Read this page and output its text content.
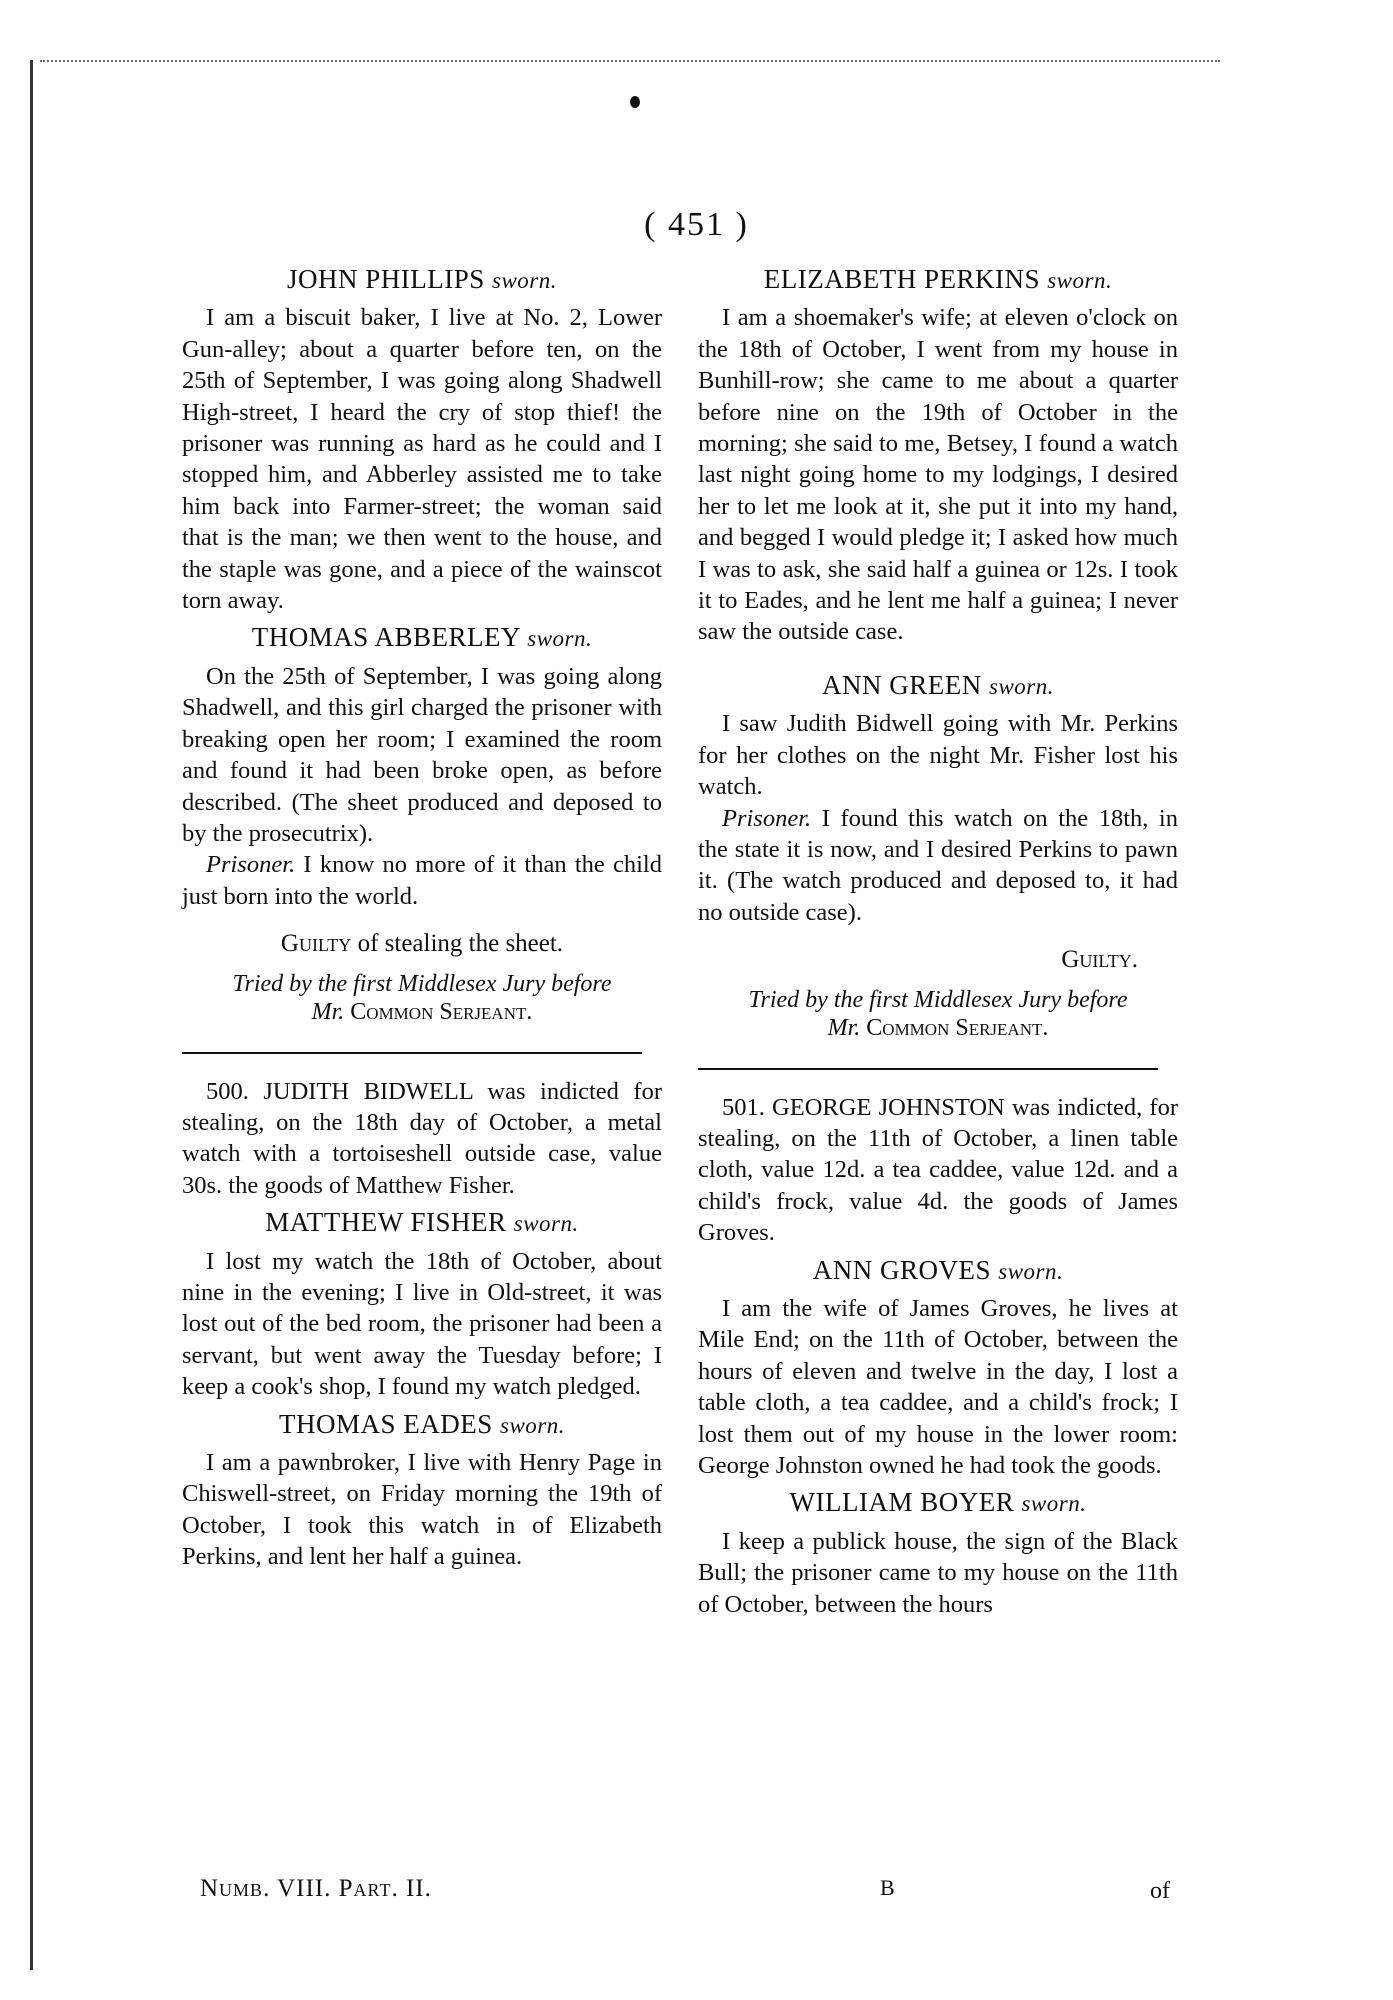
( 451 )
JOHN PHILLIPS sworn.

I am a biscuit baker, I live at No. 2, Lower Gun-alley; about a quarter before ten, on the 25th of September, I was going along Shadwell High-street, I heard the cry of stop thief! the prisoner was running as hard as he could and I stopped him, and Abberley assisted me to take him back into Farmer-street; the woman said that is the man; we then went to the house, and the staple was gone, and a piece of the wainscot torn away.

THOMAS ABBERLEY sworn.

On the 25th of September, I was going along Shadwell, and this girl charged the prisoner with breaking open her room; I examined the room and found it had been broke open, as before described. (The sheet produced and deposed to by the prosecutrix).

Prisoner. I know no more of it than the child just born into the world.

Guilty of stealing the sheet.
Tried by the first Middlesex Jury before
Mr. Common Serjeant.

500. JUDITH BIDWELL was indicted for stealing, on the 18th day of October, a metal watch with a tortoiseshell outside case, value 30s. the goods of Matthew Fisher.

MATTHEW FISHER sworn.

I lost my watch the 18th of October, about nine in the evening; I live in Old-street, it was lost out of the bed room, the prisoner had been a servant, but went away the Tuesday before; I keep a cook's shop, I found my watch pledged.

THOMAS EADES sworn.

I am a pawnbroker, I live with Henry Page in Chiswell-street, on Friday morning the 19th of October, I took this watch in of Elizabeth Perkins, and lent her half a guinea.

ELIZABETH PERKINS sworn.

I am a shoemaker's wife; at eleven o'clock on the 18th of October, I went from my house in Bunhill-row; she came to me about a quarter before nine on the 19th of October in the morning; she said to me, Betsey, I found a watch last night going home to my lodgings, I desired her to let me look at it, she put it into my hand, and begged I would pledge it; I asked how much I was to ask, she said half a guinea or 12s. I took it to Eades, and he lent me half a guinea; I never saw the outside case.

ANN GREEN sworn.

I saw Judith Bidwell going with Mr. Perkins for her clothes on the night Mr. Fisher lost his watch.

Prisoner. I found this watch on the 18th, in the state it is now, and I desired Perkins to pawn it. (The watch produced and deposed to, it had no outside case).

Guilty.
Tried by the first Middlesex Jury before
Mr. Common Serjeant.

501. GEORGE JOHNSTON was indicted, for stealing, on the 11th of October, a linen table cloth, value 12d. a tea caddee, value 12d. and a child's frock, value 4d. the goods of James Groves.

ANN GROVES sworn.

I am the wife of James Groves, he lives at Mile End; on the 11th of October, between the hours of eleven and twelve in the day, I lost a table cloth, a tea caddee, and a child's frock; I lost them out of my house in the lower room: George Johnston owned he had took the goods.

WILLIAM BOYER sworn.

I keep a publick house, the sign of the Black Bull; the prisoner came to my house on the 11th of October, between the hours

Numb. VIII. Part. II.	B	of
